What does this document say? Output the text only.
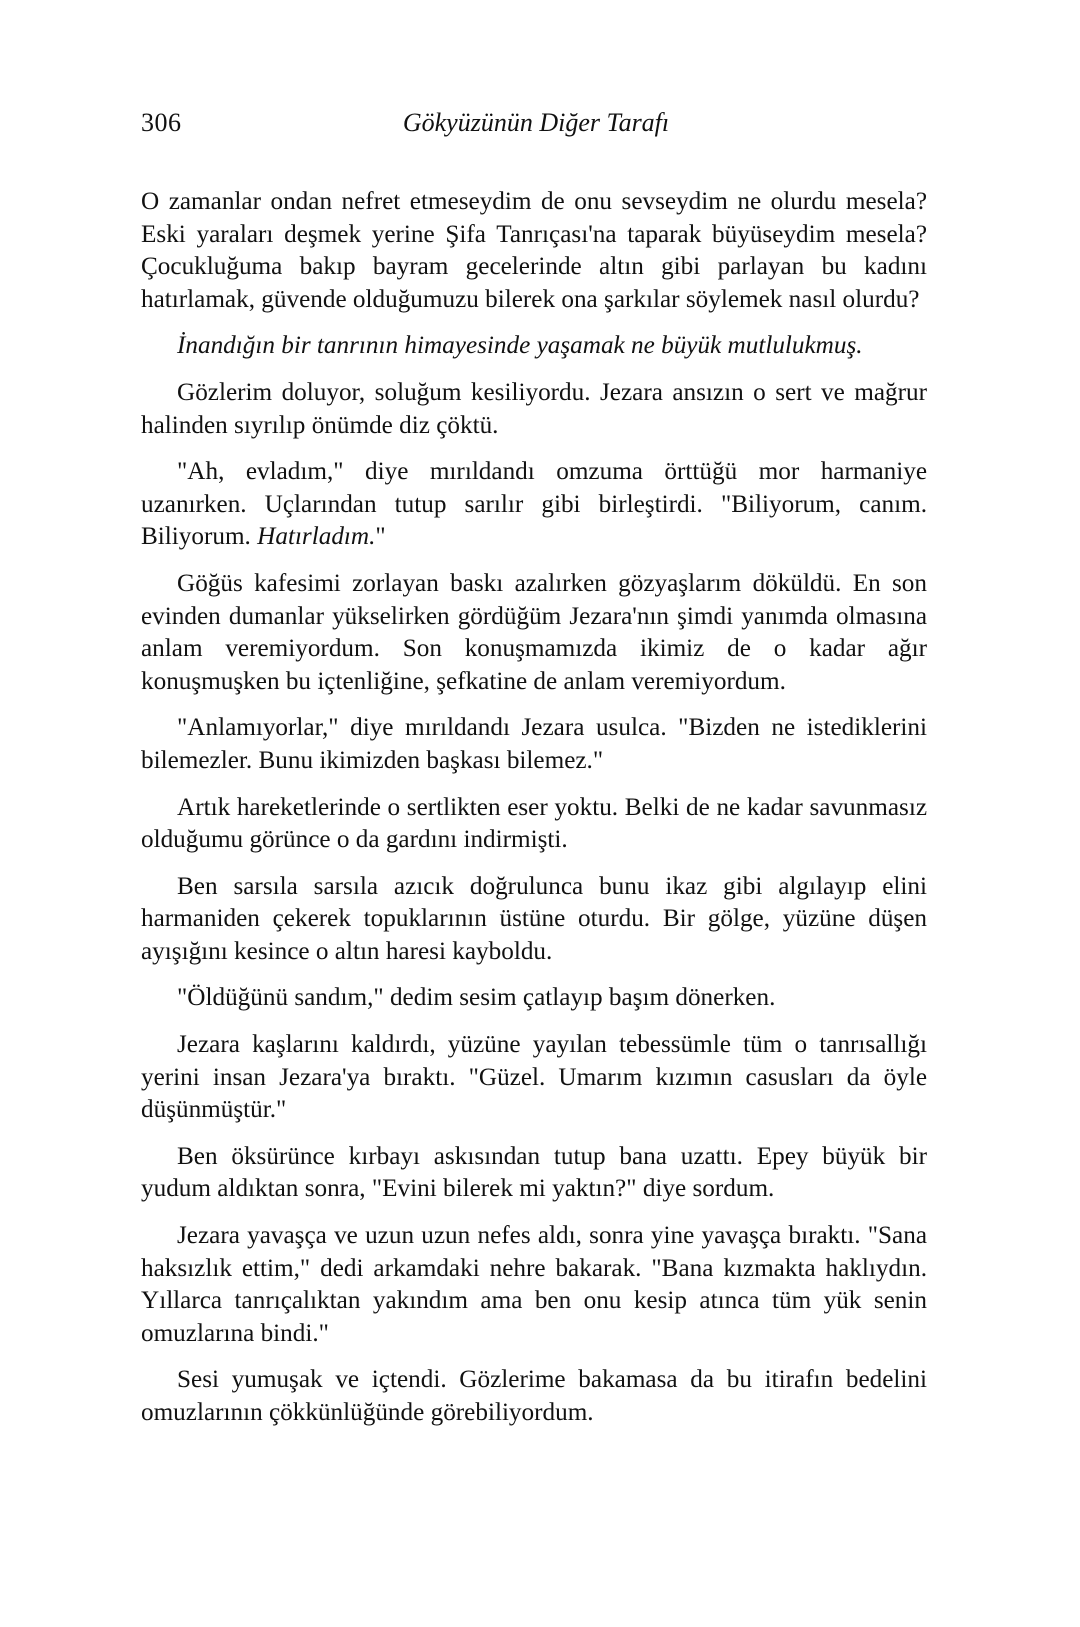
306	Gökyüzünün Diğer Tarafı

O zamanlar ondan nefret etmeseydim de onu sevseydim ne olurdu mesela? Eski yaraları deşmek yerine Şifa Tanrıçası'na taparak büyüseydim mesela? Çocukluğuma bakıp bayram gecelerinde altın gibi parlayan bu kadını hatırlamak, güvende olduğumuzu bilerek ona şarkılar söylemek nasıl olurdu?

İnandığın bir tanrının himayesinde yaşamak ne büyük mutlulukmuş.

Gözlerim doluyor, soluğum kesiliyordu. Jezara ansızın o sert ve mağrur halinden sıyrılıp önümde diz çöktü.

"Ah, evladım," diye mırıldandı omzuma örttüğü mor harmaniye uzanırken. Uçlarından tutup sarılır gibi birleştirdi. "Biliyorum, canım. Biliyorum. Hatırladım."

Göğüs kafesimi zorlayan baskı azalırken gözyaşlarım döküldü. En son evinden dumanlar yükselirken gördüğüm Jezara'nın şimdi yanımda olmasına anlam veremiyordum. Son konuşmamızda ikimiz de o kadar ağır konuşmuşken bu içtenliğine, şefkatine de anlam veremiyordum.

"Anlamıyorlar," diye mırıldandı Jezara usulca. "Bizden ne istediklerini bilemezler. Bunu ikimizden başkası bilemez."

Artık hareketlerinde o sertlikten eser yoktu. Belki de ne kadar savunmasız olduğumu görünce o da gardını indirmişti.

Ben sarsıla sarsıla azıcık doğrulunca bunu ikaz gibi algılayıp elini harmaniden çekerek topuklarının üstüne oturdu. Bir gölge, yüzüne düşen ayışığını kesince o altın haresi kayboldu.

"Öldüğünü sandım," dedim sesim çatlayıp başım dönerken.

Jezara kaşlarını kaldırdı, yüzüne yayılan tebessümle tüm o tanrısallığı yerini insan Jezara'ya bıraktı. "Güzel. Umarım kızımın casusları da öyle düşünmüştür."

Ben öksürünce kırbayı askısından tutup bana uzattı. Epey büyük bir yudum aldıktan sonra, "Evini bilerek mi yaktın?" diye sordum.

Jezara yavaşça ve uzun uzun nefes aldı, sonra yine yavaşça bıraktı. "Sana haksızlık ettim," dedi arkamdaki nehre bakarak. "Bana kızmakta haklıydın. Yıllarca tanrıçalıktan yakındım ama ben onu kesip atınca tüm yük senin omuzlarına bindi."

Sesi yumuşak ve içtendi. Gözlerime bakamasa da bu itirafın bedelini omuzlarının çökkünlüğünde görebiliyordum.
